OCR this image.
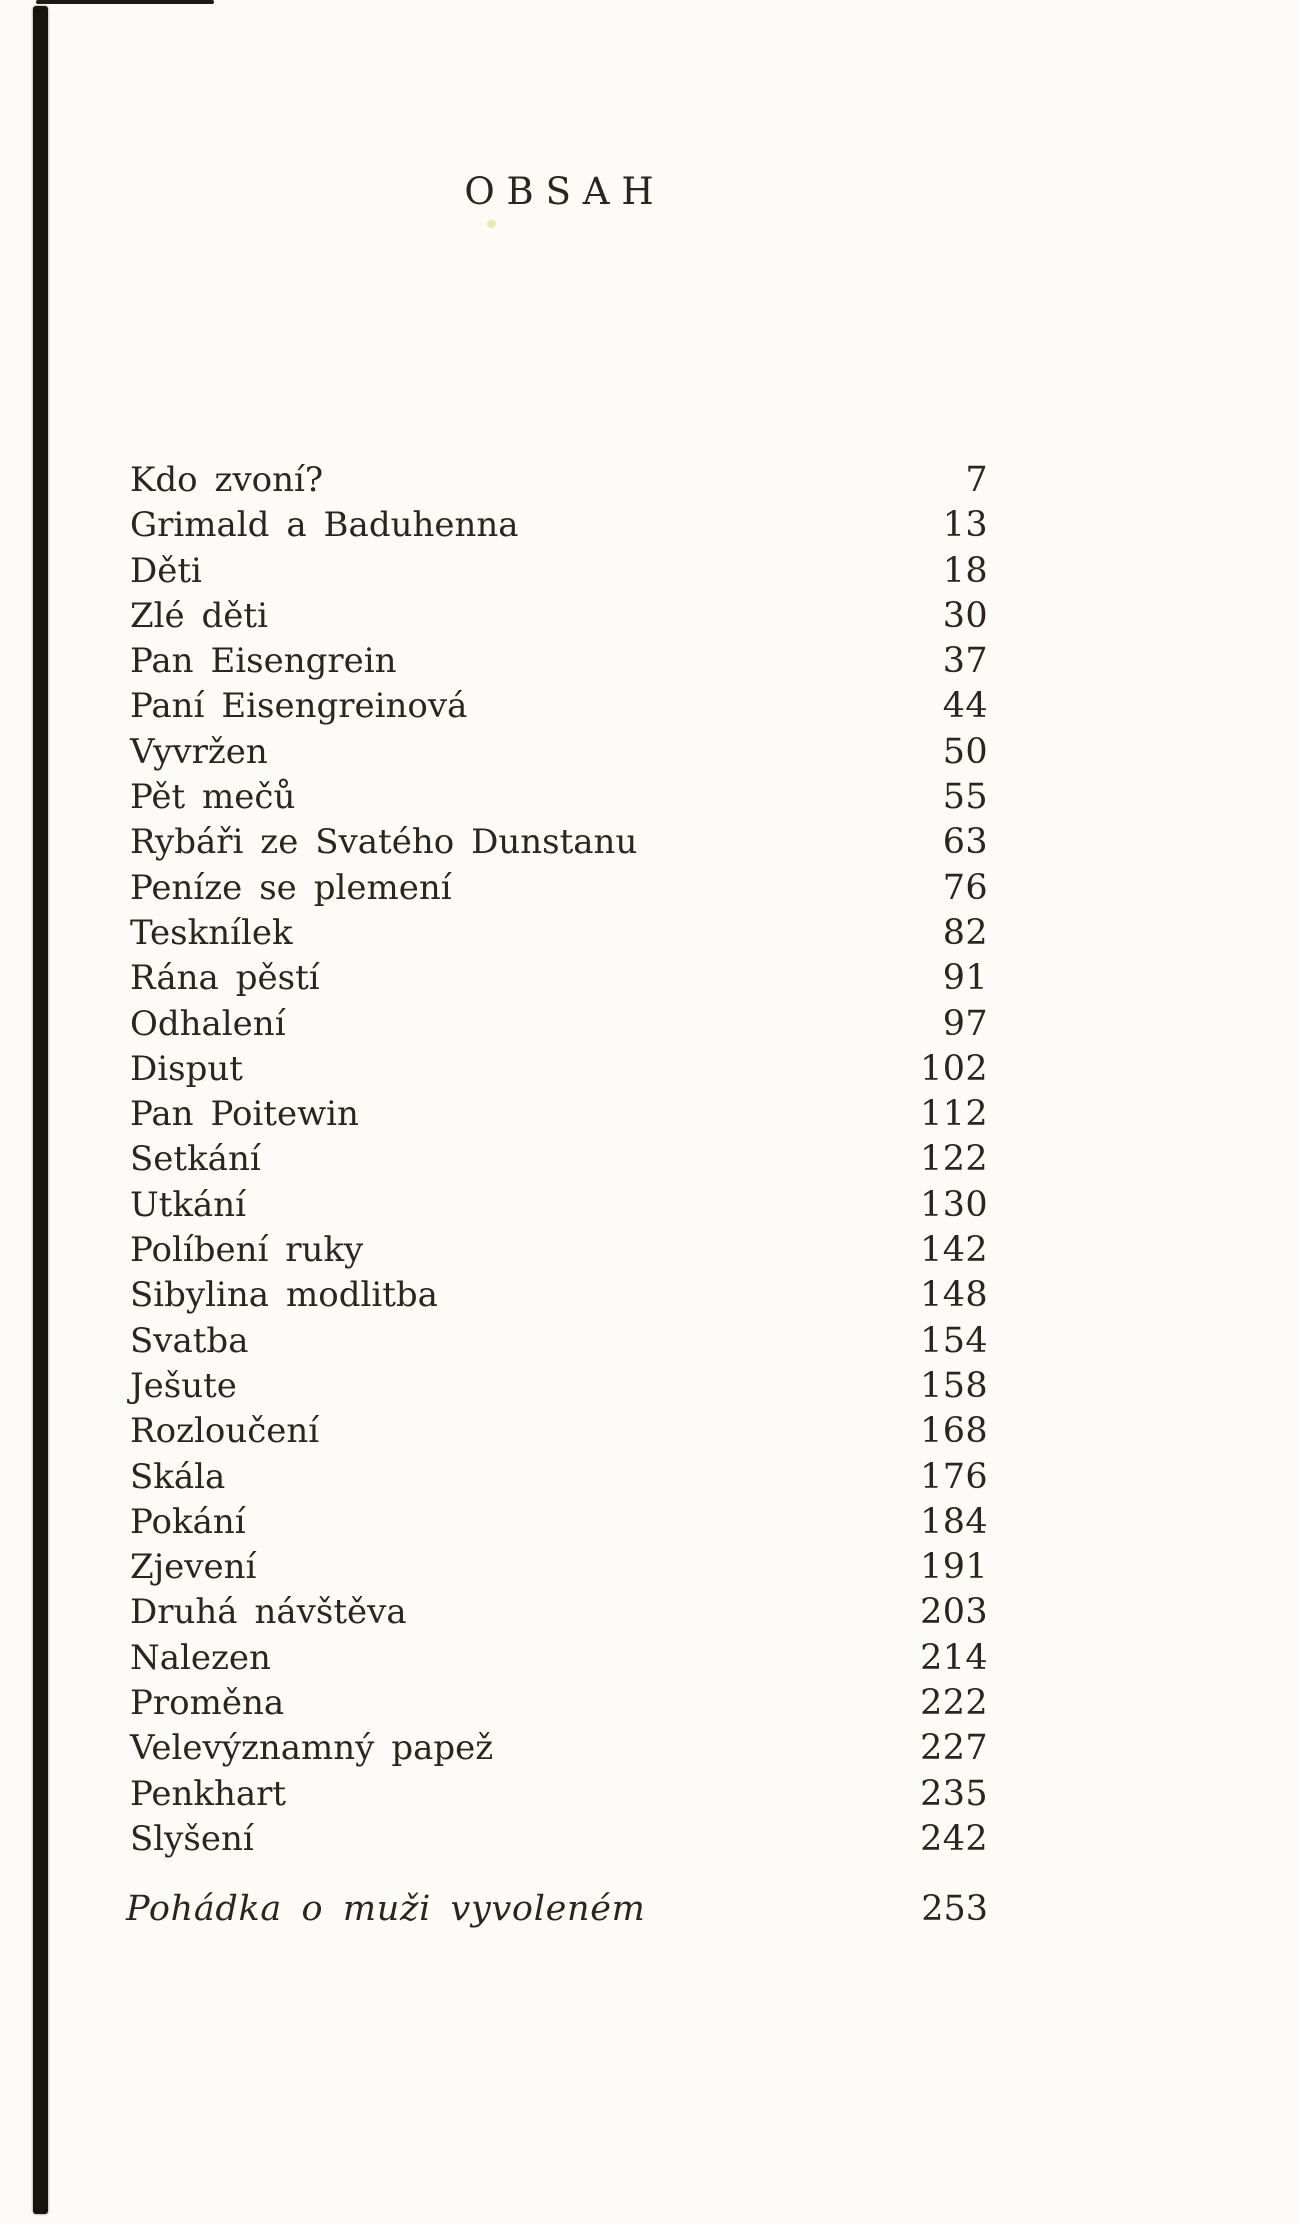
OBSAH
Kdo zvoní?	7
Grimald a Baduhenna	13
Děti	18
Zlé děti	30
Pan Eisengrein	37
Paní Eisengreinová	44
Vyvržen	50
Pět mečů	55
Rybáři ze Svatého Dunstanu	63
Peníze se plemení	76
Tesknílek	82
Rána pěstí	91
Odhalení	97
Disput	102
Pan Poitewin	112
Setkání	122
Utkání	130
Políbení ruky	142
Sibylina modlitba	148
Svatba	154
Ješute	158
Rozloučení	168
Skála	176
Pokání	184
Zjevení	191
Druhá návštěva	203
Nalezen	214
Proměna	222
Velevýznamný papež	227
Penkhart	235
Slyšení	242
Pohádka o muži vyvoleném	253
